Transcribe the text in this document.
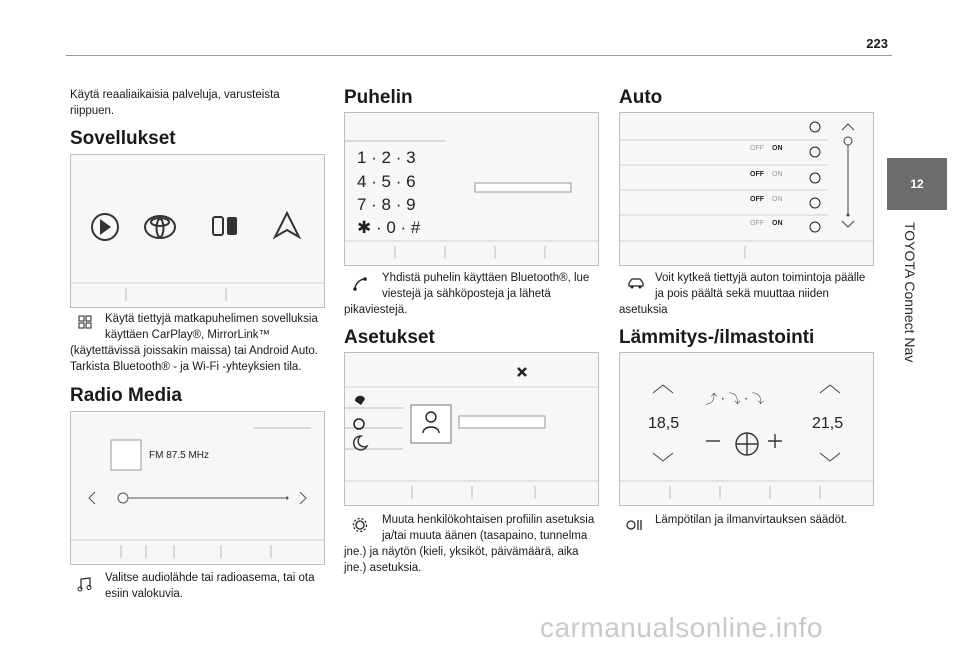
223
12
TOYOTA Connect Nav

Käytä reaaliaikaisia palveluja, varusteista riippuen.

Sovellukset

Käytä tiettyjä matkapuhelimen sovelluksia

käyttäen CarPlay®, MirrorLink™

(käytettävissä joissakin maissa) tai Android Auto.

Tarkista Bluetooth® - ja Wi-Fi -yhteyksien tila.

Radio Media
FM 87.5 MHz

Valitse audiolähde tai radioasema, tai ota

esiin valokuvia.

Puhelin
1 · 2 · 3
4 · 5 · 6
7 · 8 · 9
✱ · 0 · #

Yhdistä puhelin käyttäen Bluetooth®, lue

viestejä ja sähköposteja ja lähetä

pikaviestejä.

Asetukset

Muuta henkilökohtaisen profiilin asetuksia

ja/tai muuta äänen (tasapaino, tunnelma

jne.) ja näytön (kieli, yksiköt, päivämäärä, aika

jne.) asetuksia.

Auto
OFF ON
OFF ON
OFF ON
OFF ON

Voit kytkeä tiettyjä auton toimintoja päälle

ja pois päältä sekä muuttaa niiden

asetuksia

Lämmitys-/ilmastointi
⤴ · ⤵ · ⤵
18,5	21,5

Lämpötilan ja ilmanvirtauksen säädöt.

carmanualsonline.info
